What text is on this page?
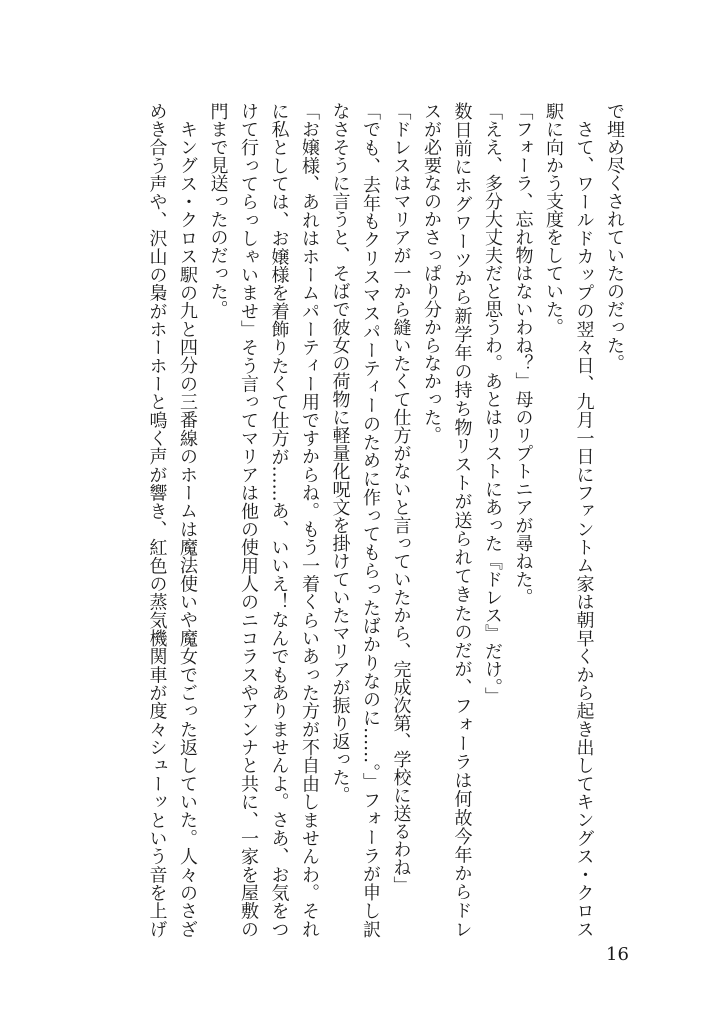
で埋め尽くされていたのだった。
さて、ワールドカップの翌々日、九月一日にファントム家は朝早くから起き出してキングス・クロス
駅に向かう支度をしていた。
「フォーラ、忘れ物はないわね？」母のリプトニアが尋ねた。
「ええ、多分大丈夫だと思うわ。あとはリストにあった『ドレス』だけ。」
数日前にホグワーツから新学年の持ち物リストが送られてきたのだが、フォーラは何故今年からドレ
スが必要なのかさっぱり分からなかった。
「ドレスはマリアが一から縫いたくて仕方がないと言っていたから、完成次第、学校に送るわね」
「でも、去年もクリスマスパーティーのために作ってもらったばかりなのに……。」フォーラが申し訳
なさそうに言うと、そばで彼女の荷物に軽量化呪文を掛けていたマリアが振り返った。
「お嬢様、あれはホームパーティー用ですからね。もう一着くらいあった方が不自由しませんわ。それ
に私としては、お嬢様を着飾りたくて仕方が……あ、いいえ！なんでもありませんよ。さあ、お気をつ
けて行ってらっしゃいませ」そう言ってマリアは他の使用人のニコラスやアンナと共に、一家を屋敷の
門まで見送ったのだった。
キングス・クロス駅の九と四分の三番線のホームは魔法使いや魔女でごった返していた。人々のさざ
めき合う声や、沢山の梟がホーホーと鳴く声が響き、紅色の蒸気機関車が度々シューッという音を上げ
16
